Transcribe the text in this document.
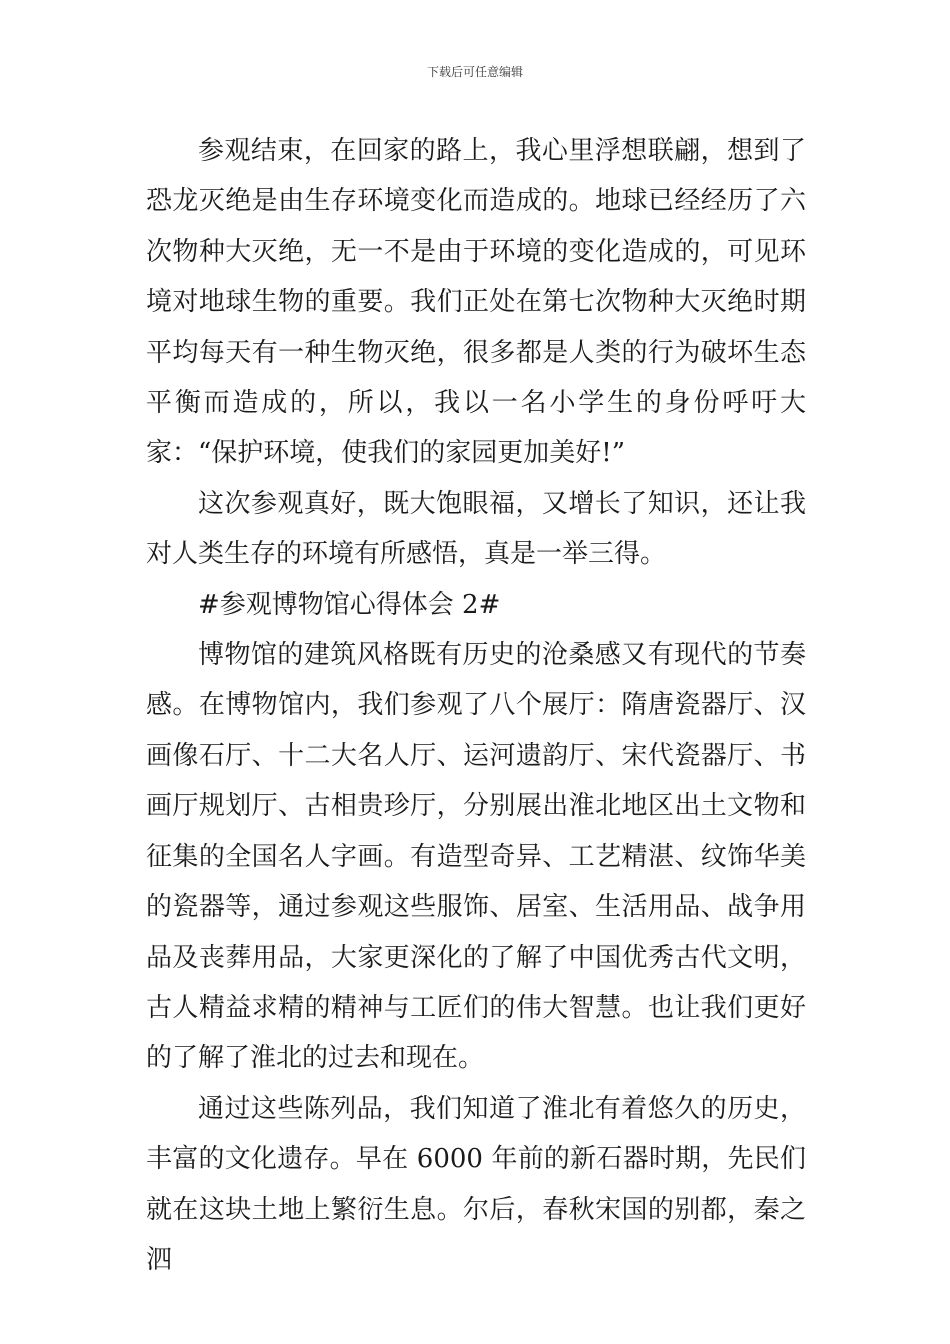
下载后可任意编辑

参观结束，在回家的路上，我心里浮想联翩，想到了恐龙灭绝是由生存环境变化而造成的。地球已经经历了六次物种大灭绝，无一不是由于环境的变化造成的，可见环境对地球生物的重要。我们正处在第七次物种大灭绝时期平均每天有一种生物灭绝，很多都是人类的行为破坏生态平衡而造成的，所以，我以一名小学生的身份呼吁大家：“保护环境，使我们的家园更加美好!”

这次参观真好，既大饱眼福，又增长了知识，还让我对人类生存的环境有所感悟，真是一举三得。

#参观博物馆心得体会 2#

博物馆的建筑风格既有历史的沧桑感又有现代的节奏感。在博物馆内，我们参观了八个展厅：隋唐瓷器厅、汉画像石厅、十二大名人厅、运河遗韵厅、宋代瓷器厅、书画厅规划厅、古相贵珍厅，分别展出淮北地区出土文物和征集的全国名人字画。有造型奇异、工艺精湛、纹饰华美的瓷器等，通过参观这些服饰、居室、生活用品、战争用品及丧葬用品，大家更深化的了解了中国优秀古代文明，古人精益求精的精神与工匠们的伟大智慧。也让我们更好的了解了淮北的过去和现在。

通过这些陈列品，我们知道了淮北有着悠久的历史，丰富的文化遗存。早在 6000 年前的新石器时期，先民们就在这块土地上繁衍生息。尔后，春秋宋国的别都，秦之泗
